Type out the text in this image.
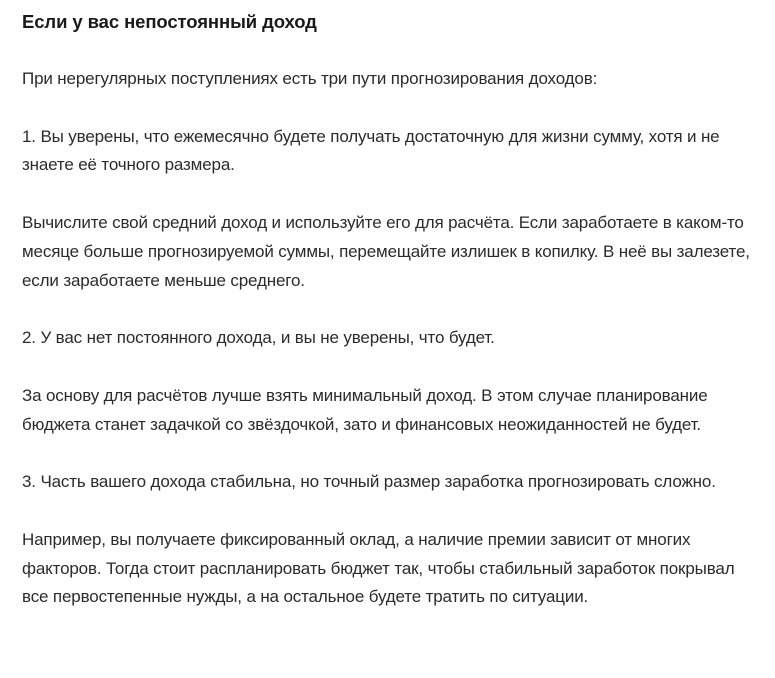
Если у вас непостоянный доход

При нерегулярных поступлениях есть три пути прогнозирования доходов:

1. Вы уверены, что ежемесячно будете получать достаточную для жизни сумму, хотя и не знаете её точного размера.

Вычислите свой средний доход и используйте его для расчёта. Если заработаете в каком-то месяце больше прогнозируемой суммы, перемещайте излишек в копилку. В неё вы залезете, если заработаете меньше среднего.

2. У вас нет постоянного дохода, и вы не уверены, что будет.

За основу для расчётов лучше взять минимальный доход. В этом случае планирование бюджета станет задачкой со звёздочкой, зато и финансовых неожиданностей не будет.

3. Часть вашего дохода стабильна, но точный размер заработка прогнозировать сложно.

Например, вы получаете фиксированный оклад, а наличие премии зависит от многих факторов. Тогда стоит распланировать бюджет так, чтобы стабильный заработок покрывал все первостепенные нужды, а на остальное будете тратить по ситуации.
